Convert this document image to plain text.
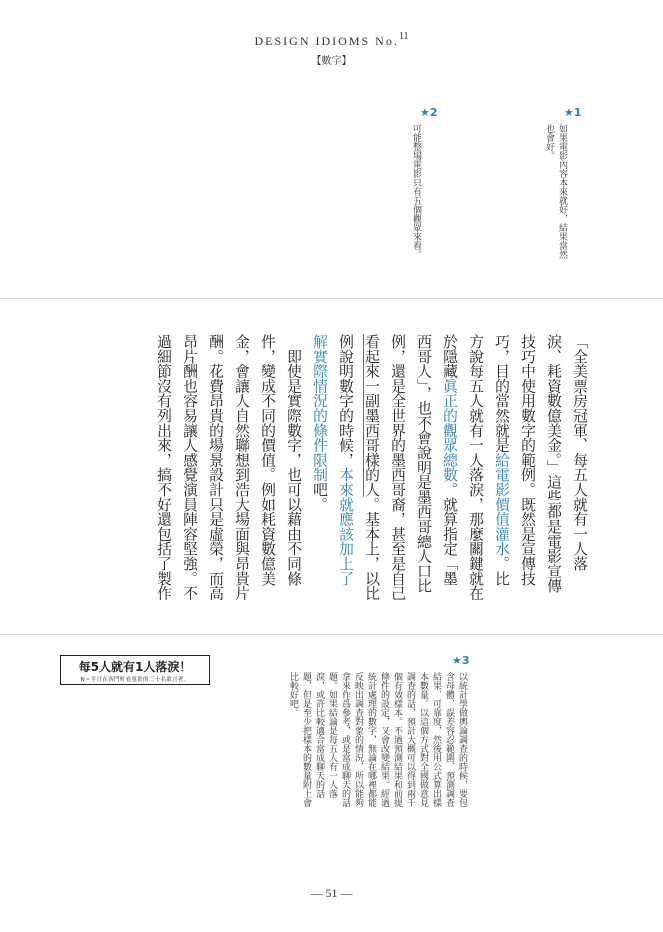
DESIGN IDIOMS No.$^{11}$
【數字】
★1
如果電影內容本來就好，結果當然
也會好。
★2
可能整場電影只有五個觀眾來看。
「全美票房冠軍、每五人就有一人落
淚、耗資數億美金。」這些都是電影宣傳
技巧中使用數字的範例。既然是宣傳技
巧，目的當然就是給電影價值灌水。比
方說每五人就有一人落淚，那麼關鍵就在
於隱藏眞正的觀眾總數。就算指定「墨
西哥人」，也不會說明是墨西哥總人口比
例，還是全世界的墨西哥裔，甚至是自己
看起來一副墨西哥樣的人。基本上，以比
例說明數字的時候，本來就應該加上了
解實際情況的條件限制吧。
　即使是實際數字，也可以藉由不同條
件，變成不同的價值。例如耗資數億美
金，會讓人自然聯想到浩大場面與昂貴片
酬。花費昂貴的場景設計只是虛榮，而高
昂片酬也容易讓人感覺演員陣容堅強。不
過細節沒有列出來，搞不好還包括了製作
每5人就有1人落淚！
N＝平日在西門町看電影的三十名欲言者。
★3
以統計學做輿論調查的時候，要包
含母體、誤差容忍範圍、預測調查
結果、可靠度，然後用公式算出樣
本數量。以這個方式對全國做意見
調查的話，預計大概可以得到兩千
個有效樣本。不過預測結果和前提
條件的設定，又會改變結果。經過
統計處理的數字，無論在哪裡都能
反映出調查對象的情況，所以能夠
拿來作爲參考，或是當成聊天的話
題。如果結論是每五人有一人落
淚，或許比較適合當成聊天的話
題，但是至少把樣本的數量附上會
比較好吧。
— 51 —
